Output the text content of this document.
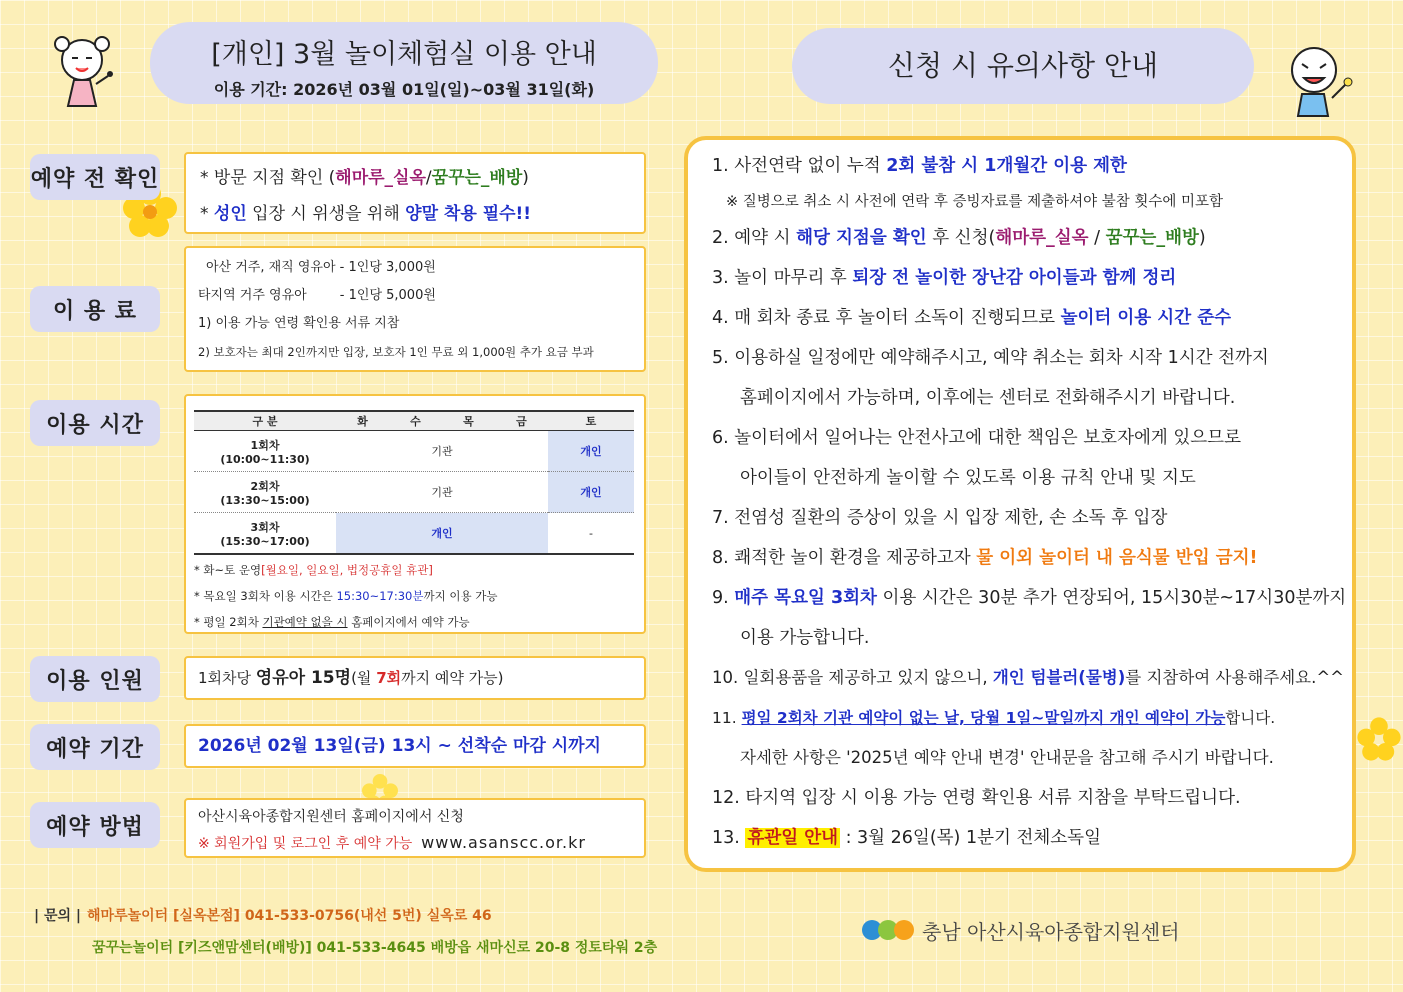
[개인] 3월 놀이체험실 이용 안내
이용 기간: 2026년 03월 01일(일)~03월 31일(화)
신청 시 유의사항 안내
예약 전 확인 * 방문 지점 확인 (해마루_실옥/꿈꾸는_배방)
* 성인 입장 시 위생을 위해 양말 착용 필수!!
이 용 료
아산 거주, 재직 영유아 - 1인당 3,000원
타지역 거주 영유아        - 1인당 5,000원
1) 이용 가능 연령 확인용 서류 지참
2) 보호자는 최대 2인까지만 입장, 보호자 1인 무료 외 1,000원 추가 요금 부과
이용 시간	구 분	화	수	목	금	토

1회차
(10:00~11:30)	기관				개인

2회차
(13:30~15:00)	기관				개인

3회차
(15:30~17:00)	개인				-
* 화~토 운영[월요일, 일요일, 법정공휴일 휴관]
* 목요일 3회차 이용 시간은 15:30~17:30분까지 이용 가능
* 평일 2회차 기관예약 없을 시 홈페이지에서 예약 가능
이용 인원	1회차당 영유아 15명(월 7회까지 예약 가능)
예약 기간	2026년 02월 13일(금) 13시 ~ 선착순 마감 시까지
예약 방법	아산시육아종합지원센터 홈페이지에서 신청
※ 회원가입 및 로그인 후 예약 가능 www.asanscc.or.kr
| 문의 | 해마루놀이터 [실옥본점] 041-533-0756(내선 5번) 실옥로 46
꿈꾸는놀이터 [키즈앤맘센터(배방)] 041-533-4645 배방읍 새마신로 20-8 정토타워 2층
충남 아산시육아종합지원센터
1. 사전연락 없이 누적 2회 불참 시 1개월간 이용 제한
※ 질병으로 취소 시 사전에 연락 후 증빙자료를 제출하셔야 불참 횟수에 미포함
2. 예약 시 해당 지점을 확인 후 신청(해마루_실옥 / 꿈꾸는_배방)
3. 놀이 마무리 후 퇴장 전 놀이한 장난감 아이들과 함께 정리
4. 매 회차 종료 후 놀이터 소독이 진행되므로 놀이터 이용 시간 준수
5. 이용하실 일정에만 예약해주시고, 예약 취소는 회차 시작 1시간 전까지
홈페이지에서 가능하며, 이후에는 센터로 전화해주시기 바랍니다.
6. 놀이터에서 일어나는 안전사고에 대한 책임은 보호자에게 있으므로
아이들이 안전하게 놀이할 수 있도록 이용 규칙 안내 및 지도
7. 전염성 질환의 증상이 있을 시 입장 제한, 손 소독 후 입장
8. 쾌적한 놀이 환경을 제공하고자 물 이외 놀이터 내 음식물 반입 금지!
9. 매주 목요일 3회차 이용 시간은 30분 추가 연장되어, 15시30분~17시30분까지
이용 가능합니다.
10. 일회용품을 제공하고 있지 않으니, 개인 텀블러(물병)를 지참하여 사용해주세요.^^
11. 평일 2회차 기관 예약이 없는 날, 당월 1일~말일까지 개인 예약이 가능합니다.
자세한 사항은 '2025년 예약 안내 변경' 안내문을 참고해 주시기 바랍니다.
12. 타지역 입장 시 이용 가능 연령 확인용 서류 지참을 부탁드립니다.
13. 휴관일 안내 : 3월 26일(목) 1분기 전체소독일
